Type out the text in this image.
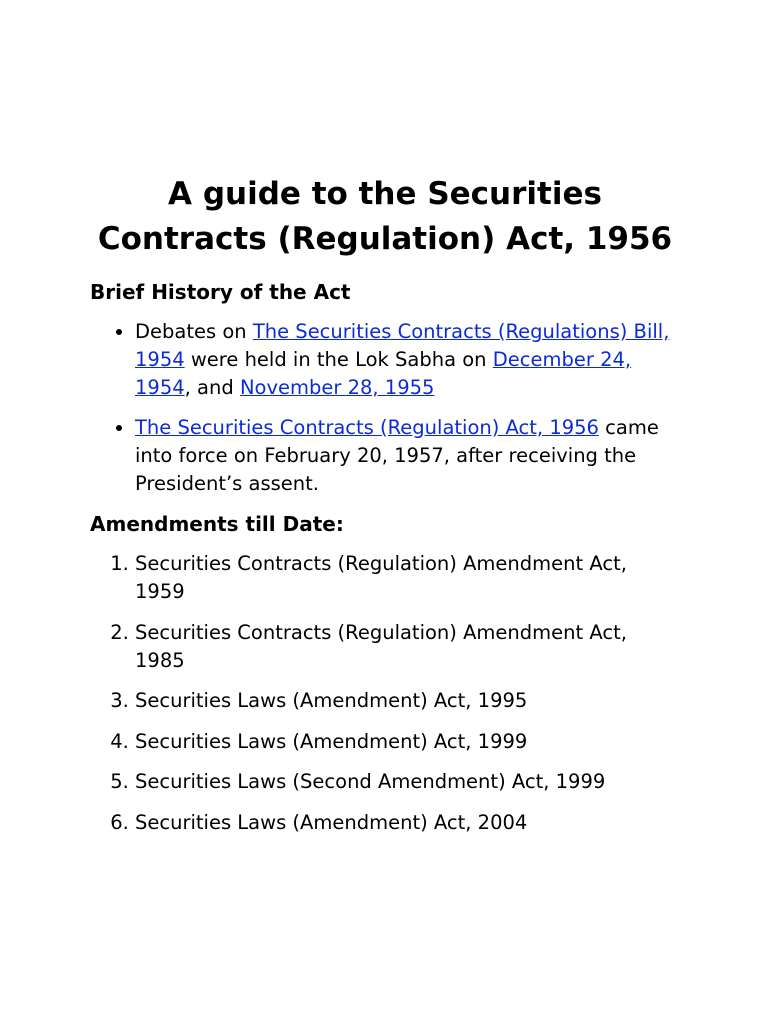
A guide to the Securities Contracts (Regulation) Act, 1956
Brief History of the Act
• Debates on The Securities Contracts (Regulations) Bill, 1954 were held in the Lok Sabha on December 24, 1954, and November 28, 1955
• The Securities Contracts (Regulation) Act, 1956 came into force on February 20, 1957, after receiving the President’s assent.
Amendments till Date:
1. Securities Contracts (Regulation) Amendment Act, 1959
2. Securities Contracts (Regulation) Amendment Act, 1985
3. Securities Laws (Amendment) Act, 1995
4. Securities Laws (Amendment) Act, 1999
5. Securities Laws (Second Amendment) Act, 1999
6. Securities Laws (Amendment) Act, 2004
